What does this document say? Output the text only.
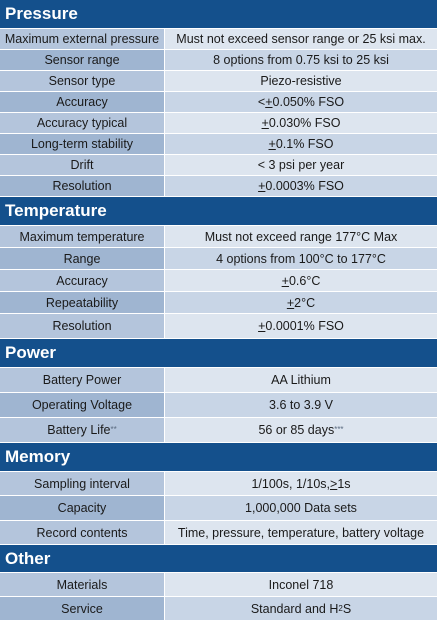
Pressure
Maximum external pressure	Must not exceed sensor range or 25 ksi max.
Sensor range	8 options from 0.75 ksi to 25 ksi
Sensor type	Piezo-resistive
Accuracy	< + 0.050% FSO
Accuracy typical	+ 0.030% FSO
Long-term stability	+ 0.1% FSO
Drift	< 3 psi per year
Resolution	+ 0.0003% FSO
Temperature
Maximum temperature	Must not exceed range 177°C Max
Range	4 options from 100°C to 177°C
Accuracy	+ 0.6°C
Repeatability	+ 2°C
Resolution	+ 0.0001% FSO
Power
Battery Power	AA Lithium
Operating Voltage	3.6 to 3.9 V
Battery Life **	56 or 85 days ***
Memory
Sampling interval	1/100s, 1/10s, > 1s
Capacity	1,000,000 Data sets
Record contents	Time, pressure, temperature, battery voltage
Other
Materials	Inconel 718
Service	Standard and H 2 S
